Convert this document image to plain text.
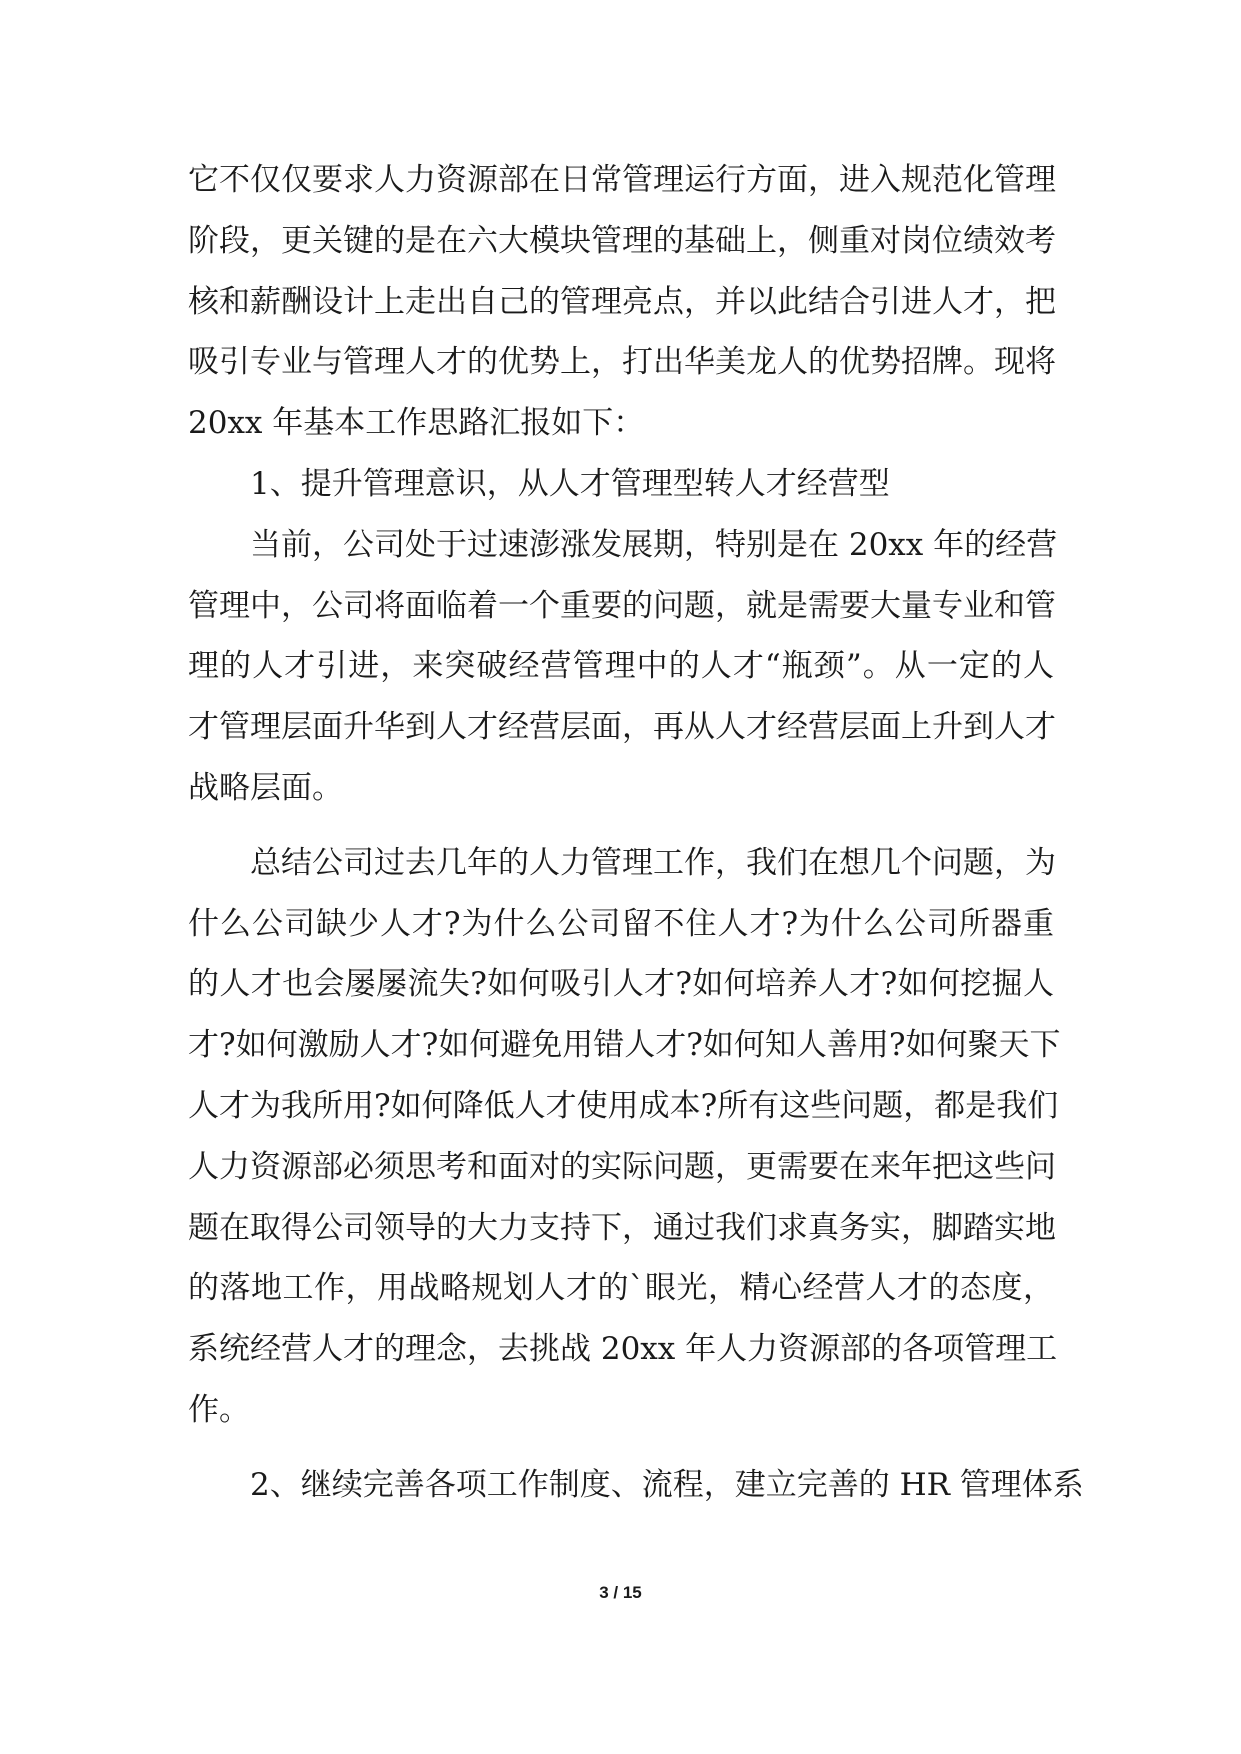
它不仅仅要求人力资源部在日常管理运行方面，进入规范化管理
阶段，更关键的是在六大模块管理的基础上，侧重对岗位绩效考
核和薪酬设计上走出自己的管理亮点，并以此结合引进人才，把
吸引专业与管理人才的优势上，打出华美龙人的优势招牌。现将
20xx 年基本工作思路汇报如下：
1、提升管理意识，从人才管理型转人才经营型
当前，公司处于过速澎涨发展期，特别是在 20xx 年的经营
管理中，公司将面临着一个重要的问题，就是需要大量专业和管
理的人才引进，来突破经营管理中的人才“瓶颈”。从一定的人
才管理层面升华到人才经营层面，再从人才经营层面上升到人才
战略层面。
总结公司过去几年的人力管理工作，我们在想几个问题，为
什么公司缺少人才?为什么公司留不住人才?为什么公司所器重
的人才也会屡屡流失?如何吸引人才?如何培养人才?如何挖掘人
才?如何激励人才?如何避免用错人才?如何知人善用?如何聚天下
人才为我所用?如何降低人才使用成本?所有这些问题，都是我们
人力资源部必须思考和面对的实际问题，更需要在来年把这些问
题在取得公司领导的大力支持下，通过我们求真务实，脚踏实地
的落地工作，用战略规划人才的`眼光，精心经营人才的态度，
系统经营人才的理念，去挑战 20xx 年人力资源部的各项管理工
作。
2、继续完善各项工作制度、流程，建立完善的 HR 管理体系
3 / 15
